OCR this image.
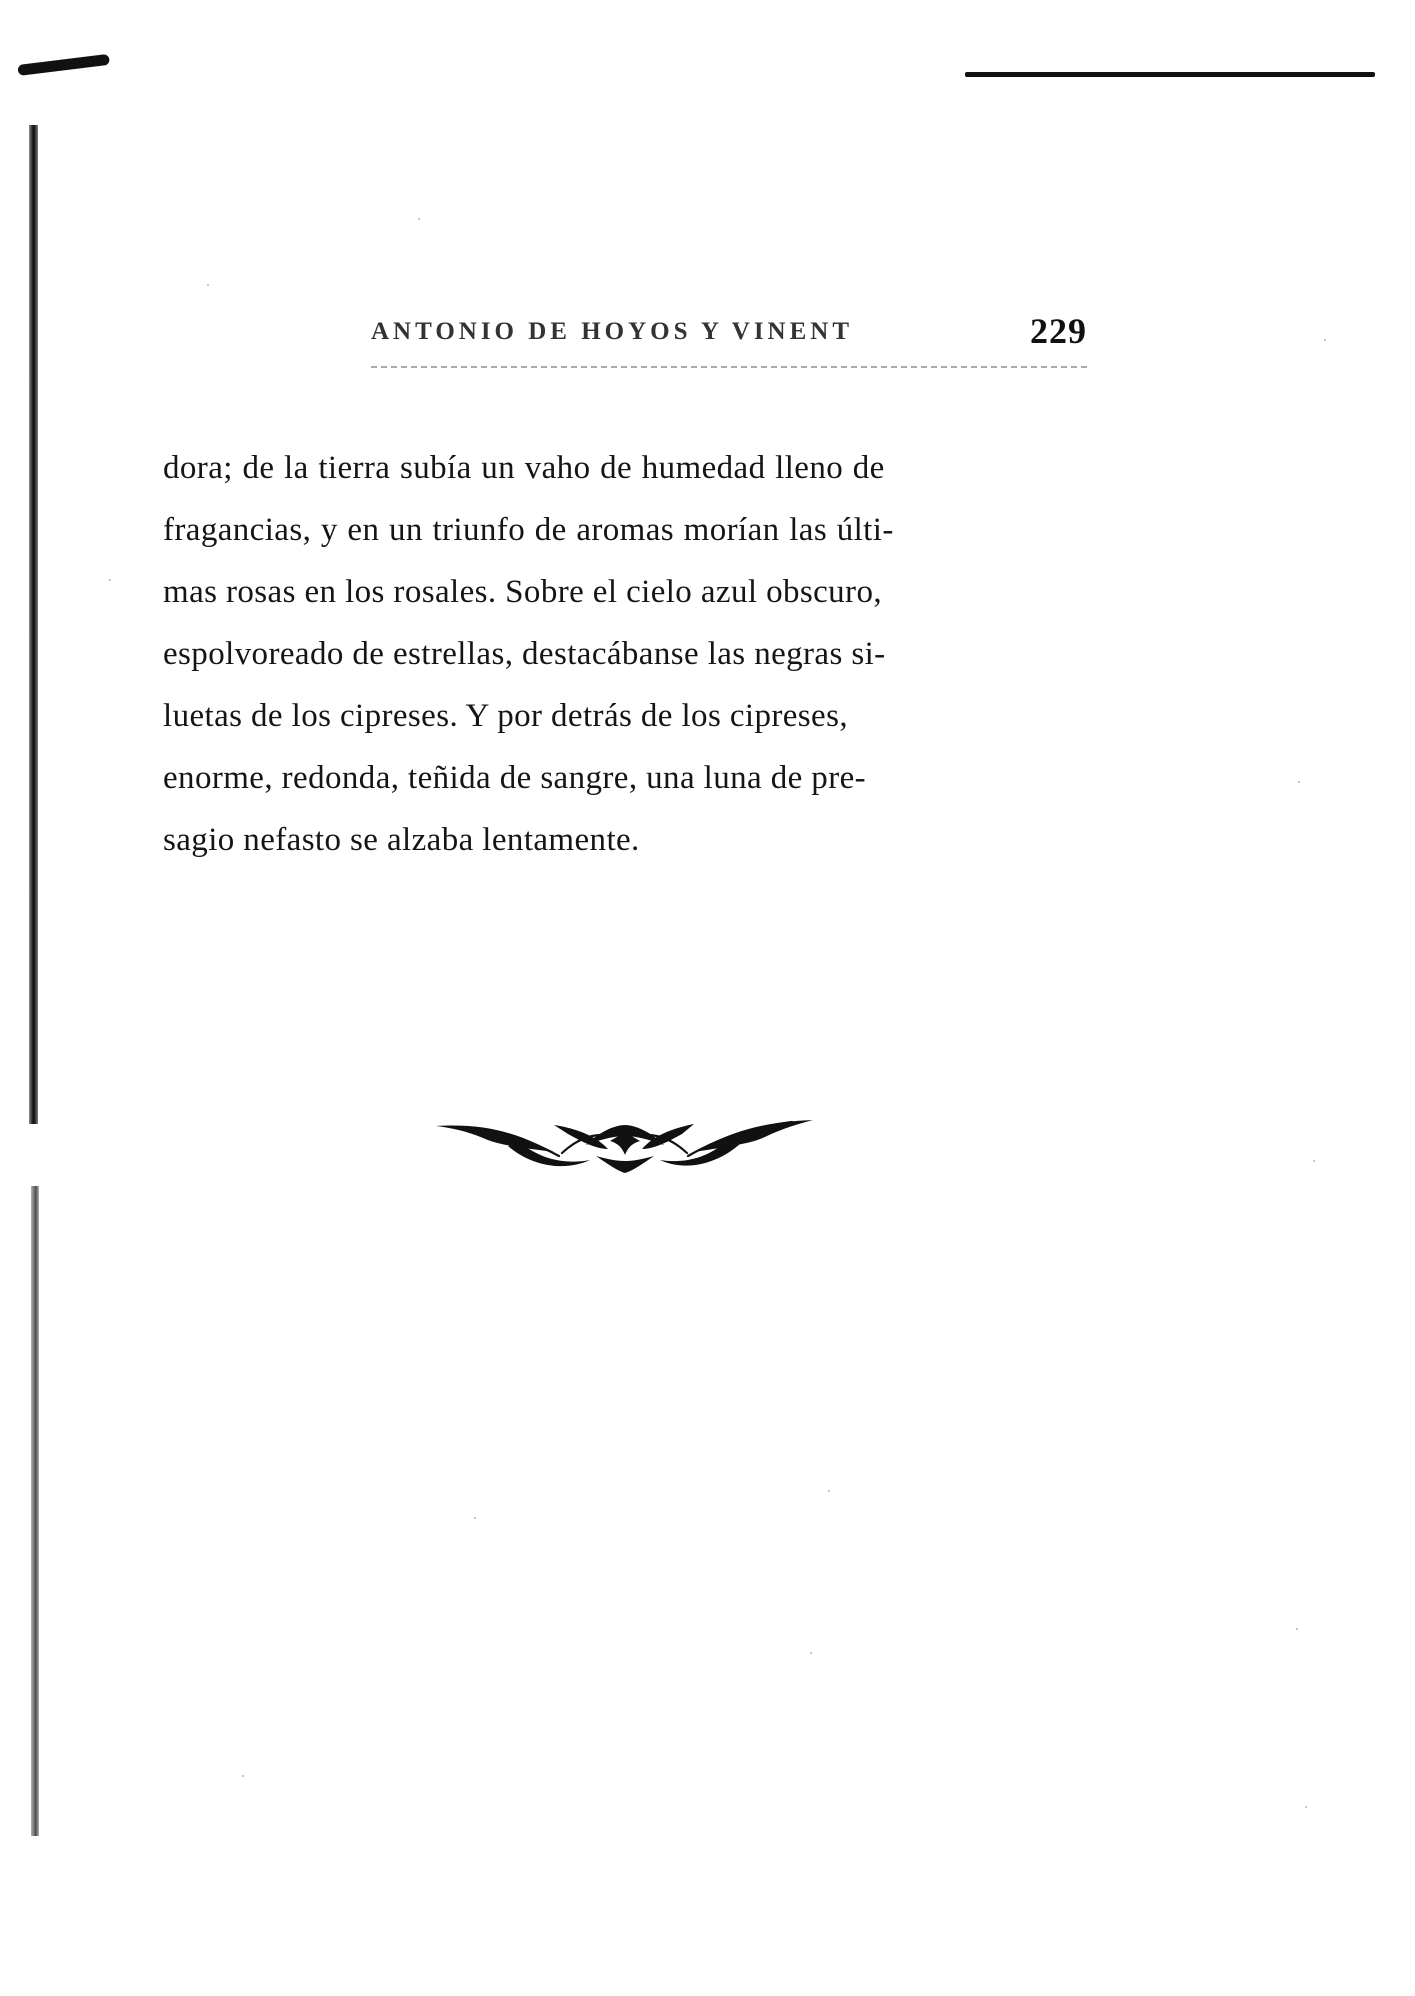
ANTONIO DE HOYOS Y VINENT	229
dora; de la tierra subía un vaho de humedad lleno de
fragancias, y en un triunfo de aromas morían las últi-
mas rosas en los rosales. Sobre el cielo azul obscuro,
espolvoreado de estrellas, destacábanse las negras si-
luetas de los cipreses. Y por detrás de los cipreses,
enorme, redonda, teñida de sangre, una luna de pre-
sagio nefasto se alzaba lentamente.
